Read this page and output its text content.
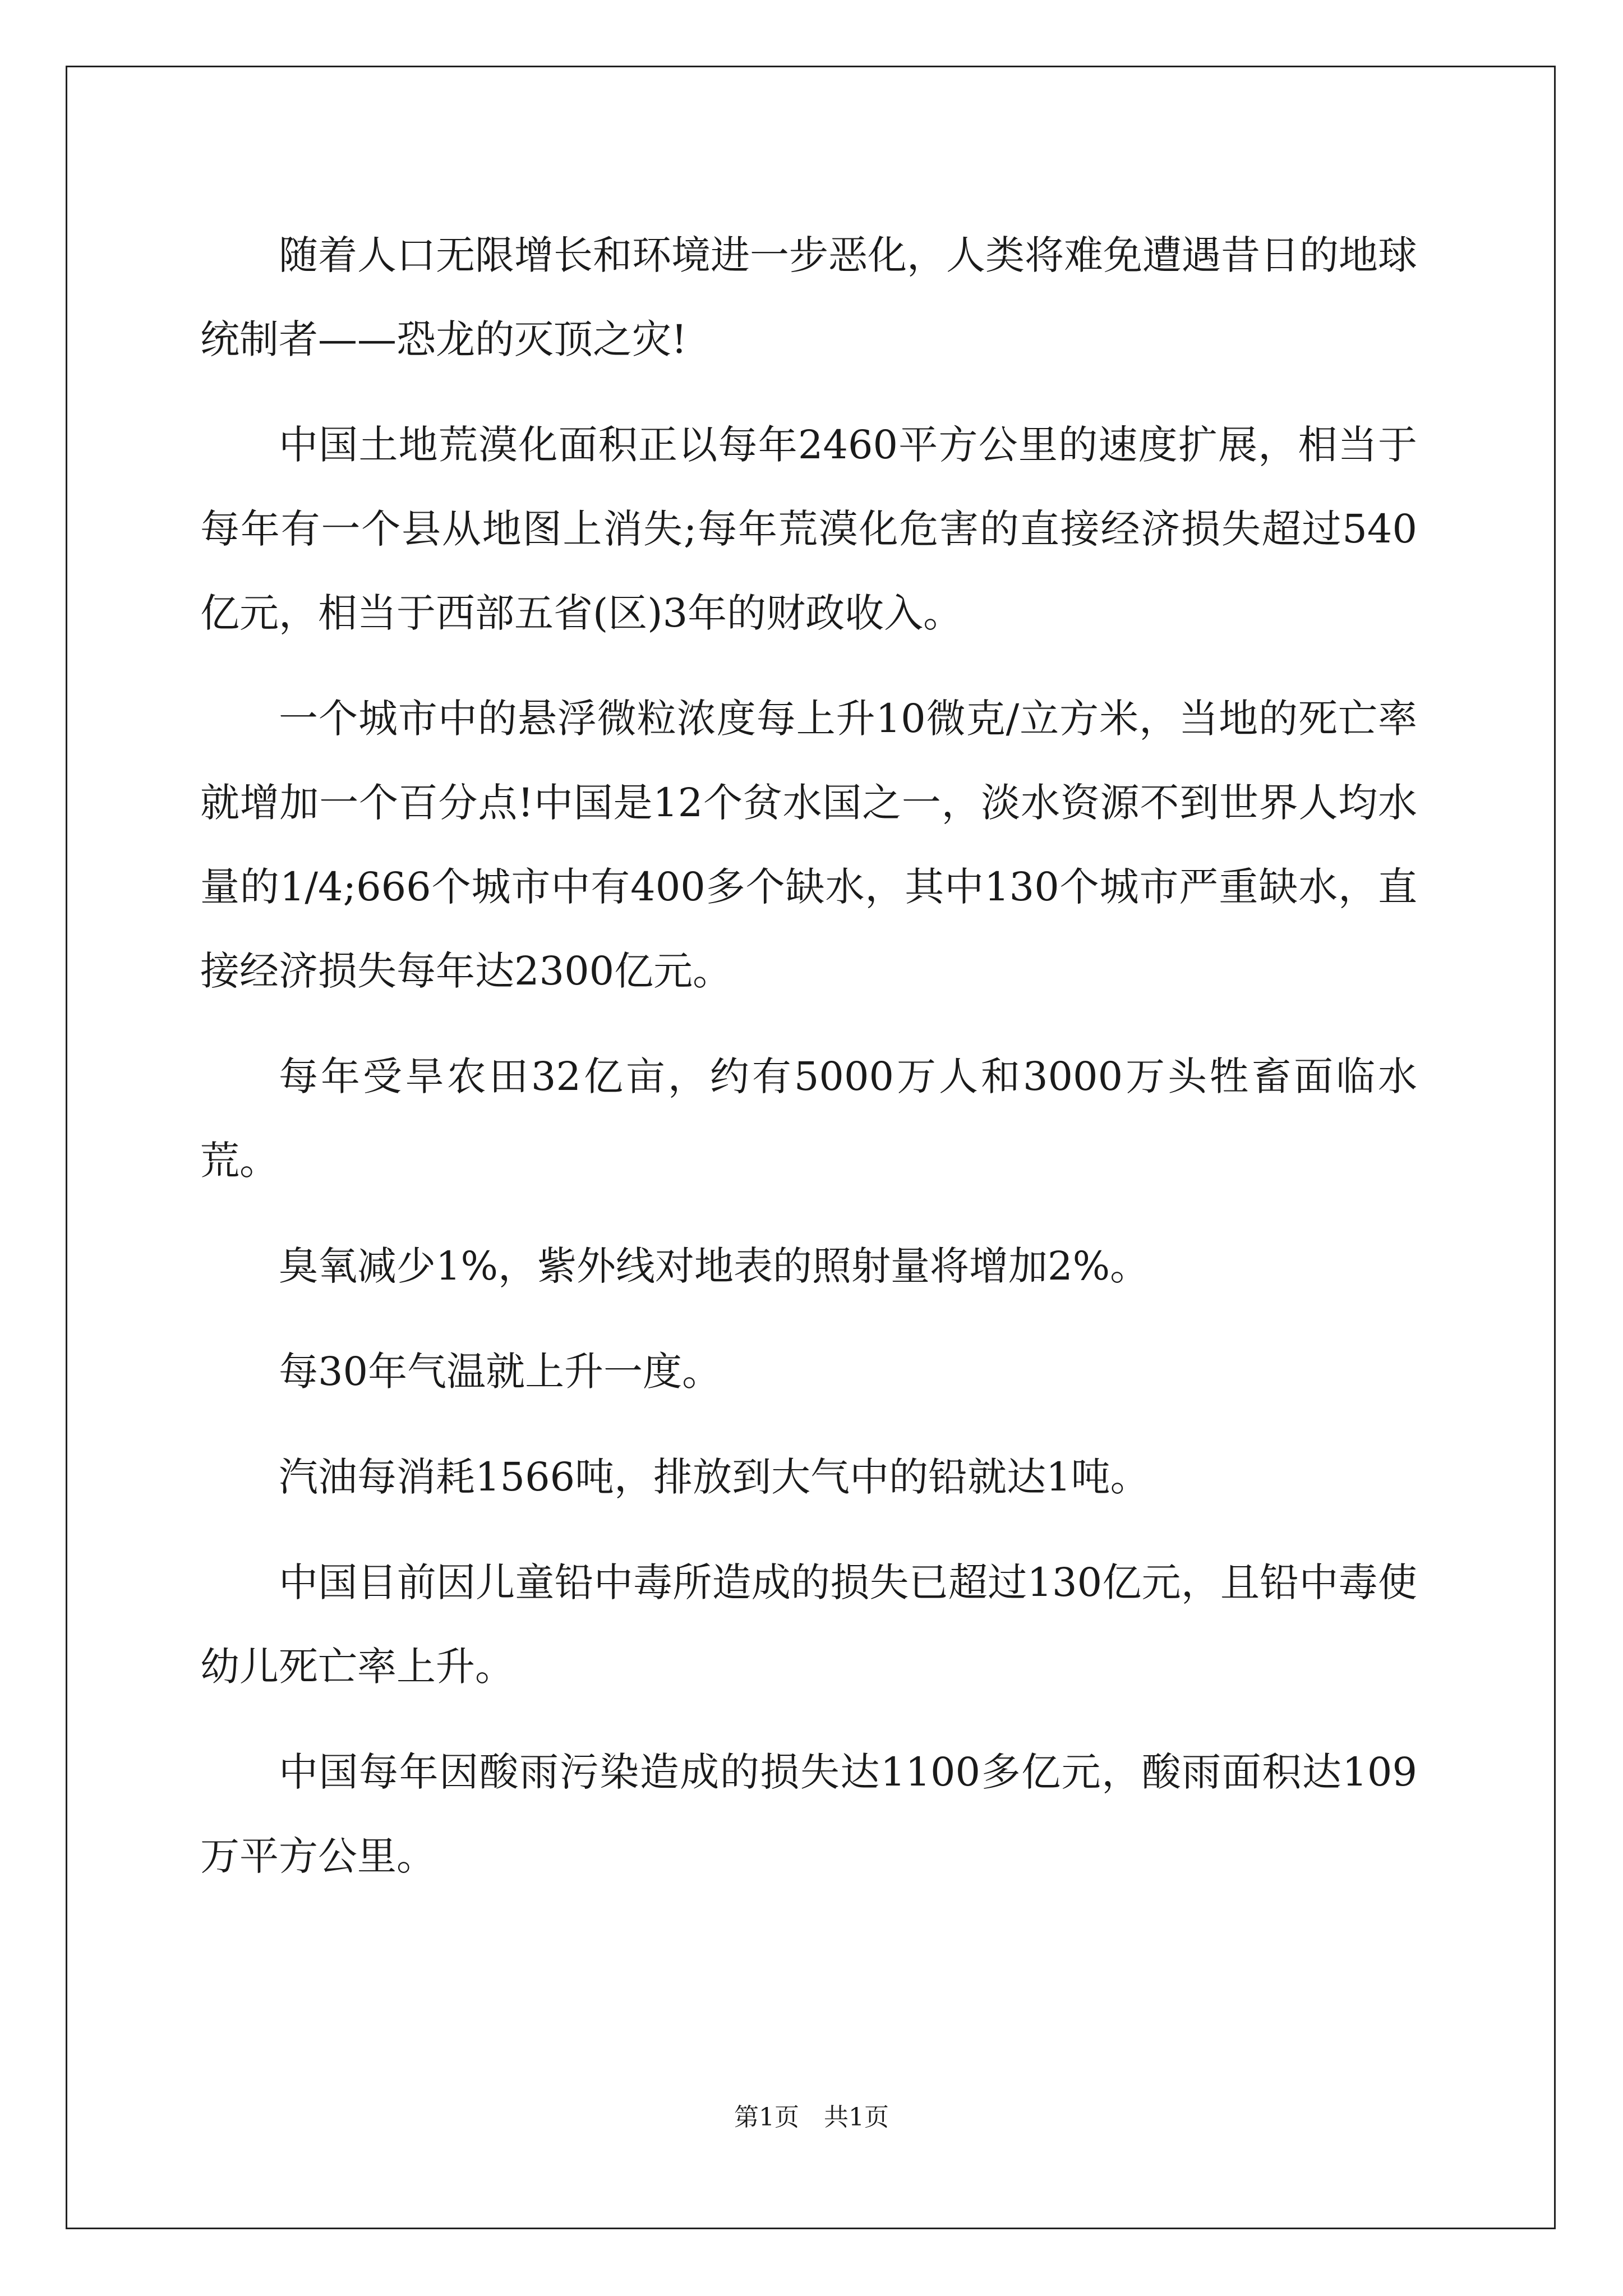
随着人口无限增长和环境进一步恶化，人类将难免遭遇昔日的地球统制者——恐龙的灭顶之灾!

中国土地荒漠化面积正以每年2460平方公里的速度扩展，相当于每年有一个县从地图上消失;每年荒漠化危害的直接经济损失超过540亿元，相当于西部五省(区)3年的财政收入。

一个城市中的悬浮微粒浓度每上升10微克/立方米，当地的死亡率就增加一个百分点!中国是12个贫水国之一，淡水资源不到世界人均水量的1/4;666个城市中有400多个缺水，其中130个城市严重缺水，直接经济损失每年达2300亿元。

每年受旱农田32亿亩，约有5000万人和3000万头牲畜面临水荒。

臭氧减少1%，紫外线对地表的照射量将增加2%。

每30年气温就上升一度。

汽油每消耗1566吨，排放到大气中的铅就达1吨。

中国目前因儿童铅中毒所造成的损失已超过130亿元，且铅中毒使幼儿死亡率上升。

中国每年因酸雨污染造成的损失达1100多亿元，酸雨面积达109万平方公里。

第1页　共1页
